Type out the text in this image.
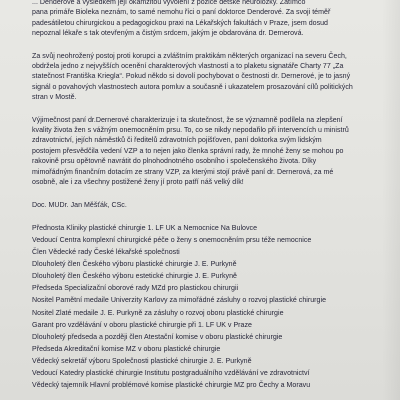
... Denderové a výsledkem její okamžitou vyvolení z pozice dětské neuroložky. Zatímco
pana primáře Bioleka neznám, to samé nemohu říci o paní doktorce Denderové. Za svoji téměř
padesátiletou chirurgickou a pedagogickou praxi na Lékařských fakultách v Praze, jsem dosud
nepoznal lékaře s tak otevřeným a čistým srdcem, jakým je obdarována dr. Dernerová.
Za svůj neohrožený postoj proti korupci a zvláštním praktikám některých organizací na severu Čech,
obdržela jedno z nejvyšších ocenění charakterových vlastností a to plaketu signatáře Charty 77 „Za
statečnost Františka Kriegla“. Pokud někdo si dovolí pochybovat o čestnosti dr. Dernerové, je to jasný
signál o povahových vlastnostech autora pomluv a současně i ukazatelem prosazování cílů politických
stran v Mostě.
Výjimečnost paní dr.Dernerové charakterizuje i ta skutečnost, že se významně podílela na zlepšení
kvality života žen s vážným onemocněním prsu. To, co se nikdy nepodařilo při intervencích u ministrů
zdravotnictví, jejích náměstků či ředitelů zdravotních pojišťoven, paní doktorka svým lidským
postojem přesvědčila vedení VZP a to nejen jako členka správní rady, že mnohé ženy se mohou po
rakovině prsu opětovně navrátit do plnohodnotného osobního i společenského života. Díky
mimořádným finančním dotacím ze strany VZP, za kterými stojí právě paní dr. Dernerová, za mé
osobně, ale i za všechny postižené ženy jí proto patří náš velký dík!
Doc. MUDr. Jan Měšťák, CSc.
Přednosta Kliniky plastické chirurgie 1. LF UK a Nemocnice Na Bulovce
Vedoucí Centra komplexní chirurgické péče o ženy s onemocněním prsu téže nemocnice
Člen Vědecké rady České lékařské společnosti
Dlouholetý člen Českého výboru plastické chirurgie J. E. Purkyně
Dlouholetý člen Českého výboru estetické chirurgie J. E. Purkyně
Předseda Specializační oborové rady MZd pro plastickou chirurgii
Nositel Pamětní medaile Univerzity Karlovy za mimořádné zásluhy o rozvoj plastické chirurgie
Nositel Zlaté medaile J. E. Purkyně za zásluhy o rozvoj oboru plastické chirurgie
Garant pro vzdělávání v oboru plastické chirurgie při 1. LF UK v Praze
Dlouholetý předseda a později člen Atestační komise v oboru plastické chirurgie
Předseda Akreditační komise MZ v oboru plastické chirurgie
Vědecký sekretář výboru Společnosti plastické chirurgie J. E. Purkyně
Vedoucí Katedry plastické chirurgie Institutu postgraduálního vzdělávání ve zdravotnictví
Vědecký tajemník Hlavní problémové komise plastické chirurgie MZ pro Čechy a Moravu
